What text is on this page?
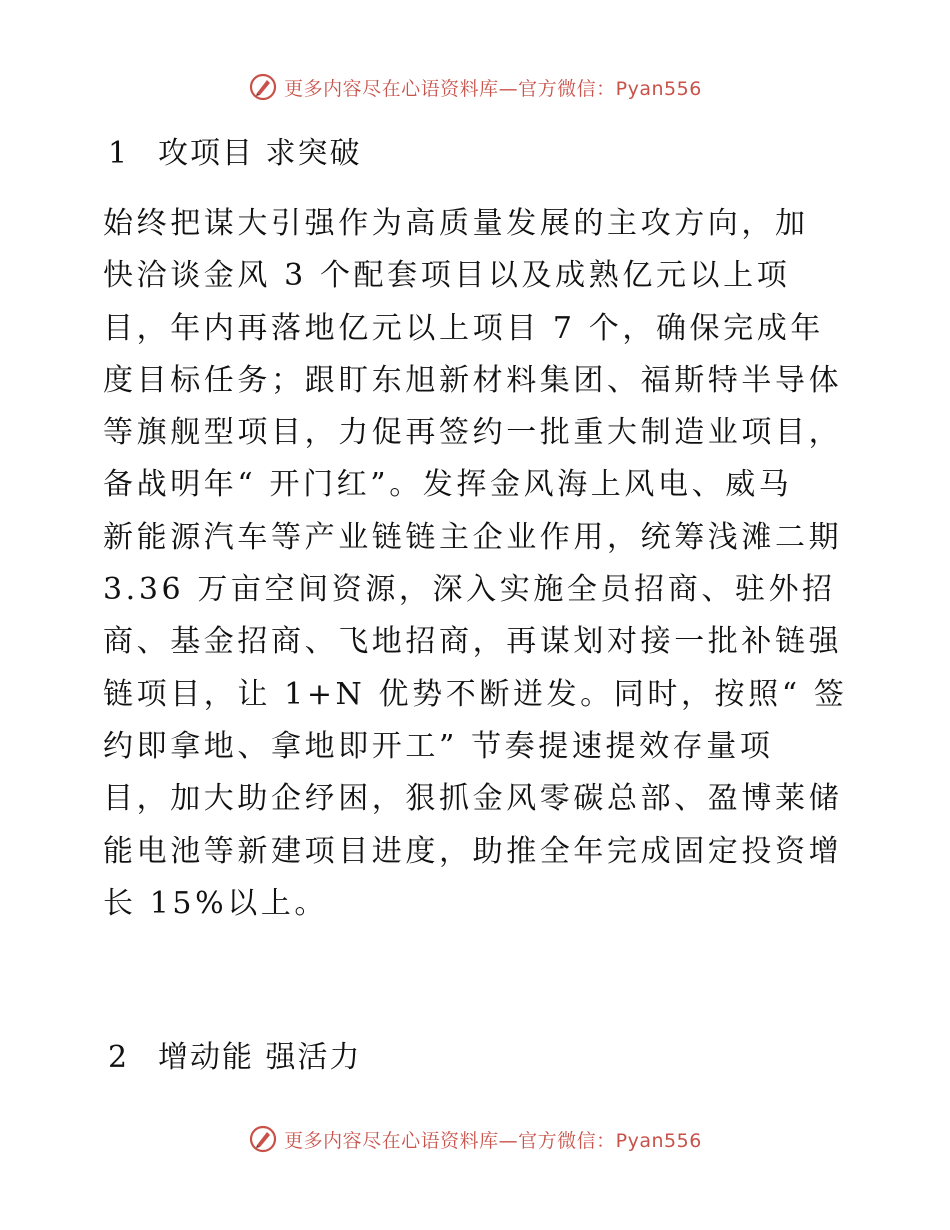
更多内容尽在心语资料库—官方微信：Pyan556
1 攻项目 求突破
始终把谋大引强作为高质量发展的主攻方向，加
快洽谈金风 3 个配套项目以及成熟亿元以上项
目，年内再落地亿元以上项目 7 个，确保完成年
度目标任务；跟盯东旭新材料集团、福斯特半导体
等旗舰型项目，力促再签约一批重大制造业项目，
备战明年“ 开门红”。发挥金风海上风电、威马
新能源汽车等产业链链主企业作用，统筹浅滩二期
3.36 万亩空间资源，深入实施全员招商、驻外招
商、基金招商、飞地招商，再谋划对接一批补链强
链项目，让 1+N 优势不断迸发。同时，按照“ 签
约即拿地、拿地即开工” 节奏提速提效存量项
目，加大助企纾困，狠抓金风零碳总部、盈博莱储
能电池等新建项目进度，助推全年完成固定投资增
长 15%以上。
2 增动能 强活力
更多内容尽在心语资料库—官方微信：Pyan556
